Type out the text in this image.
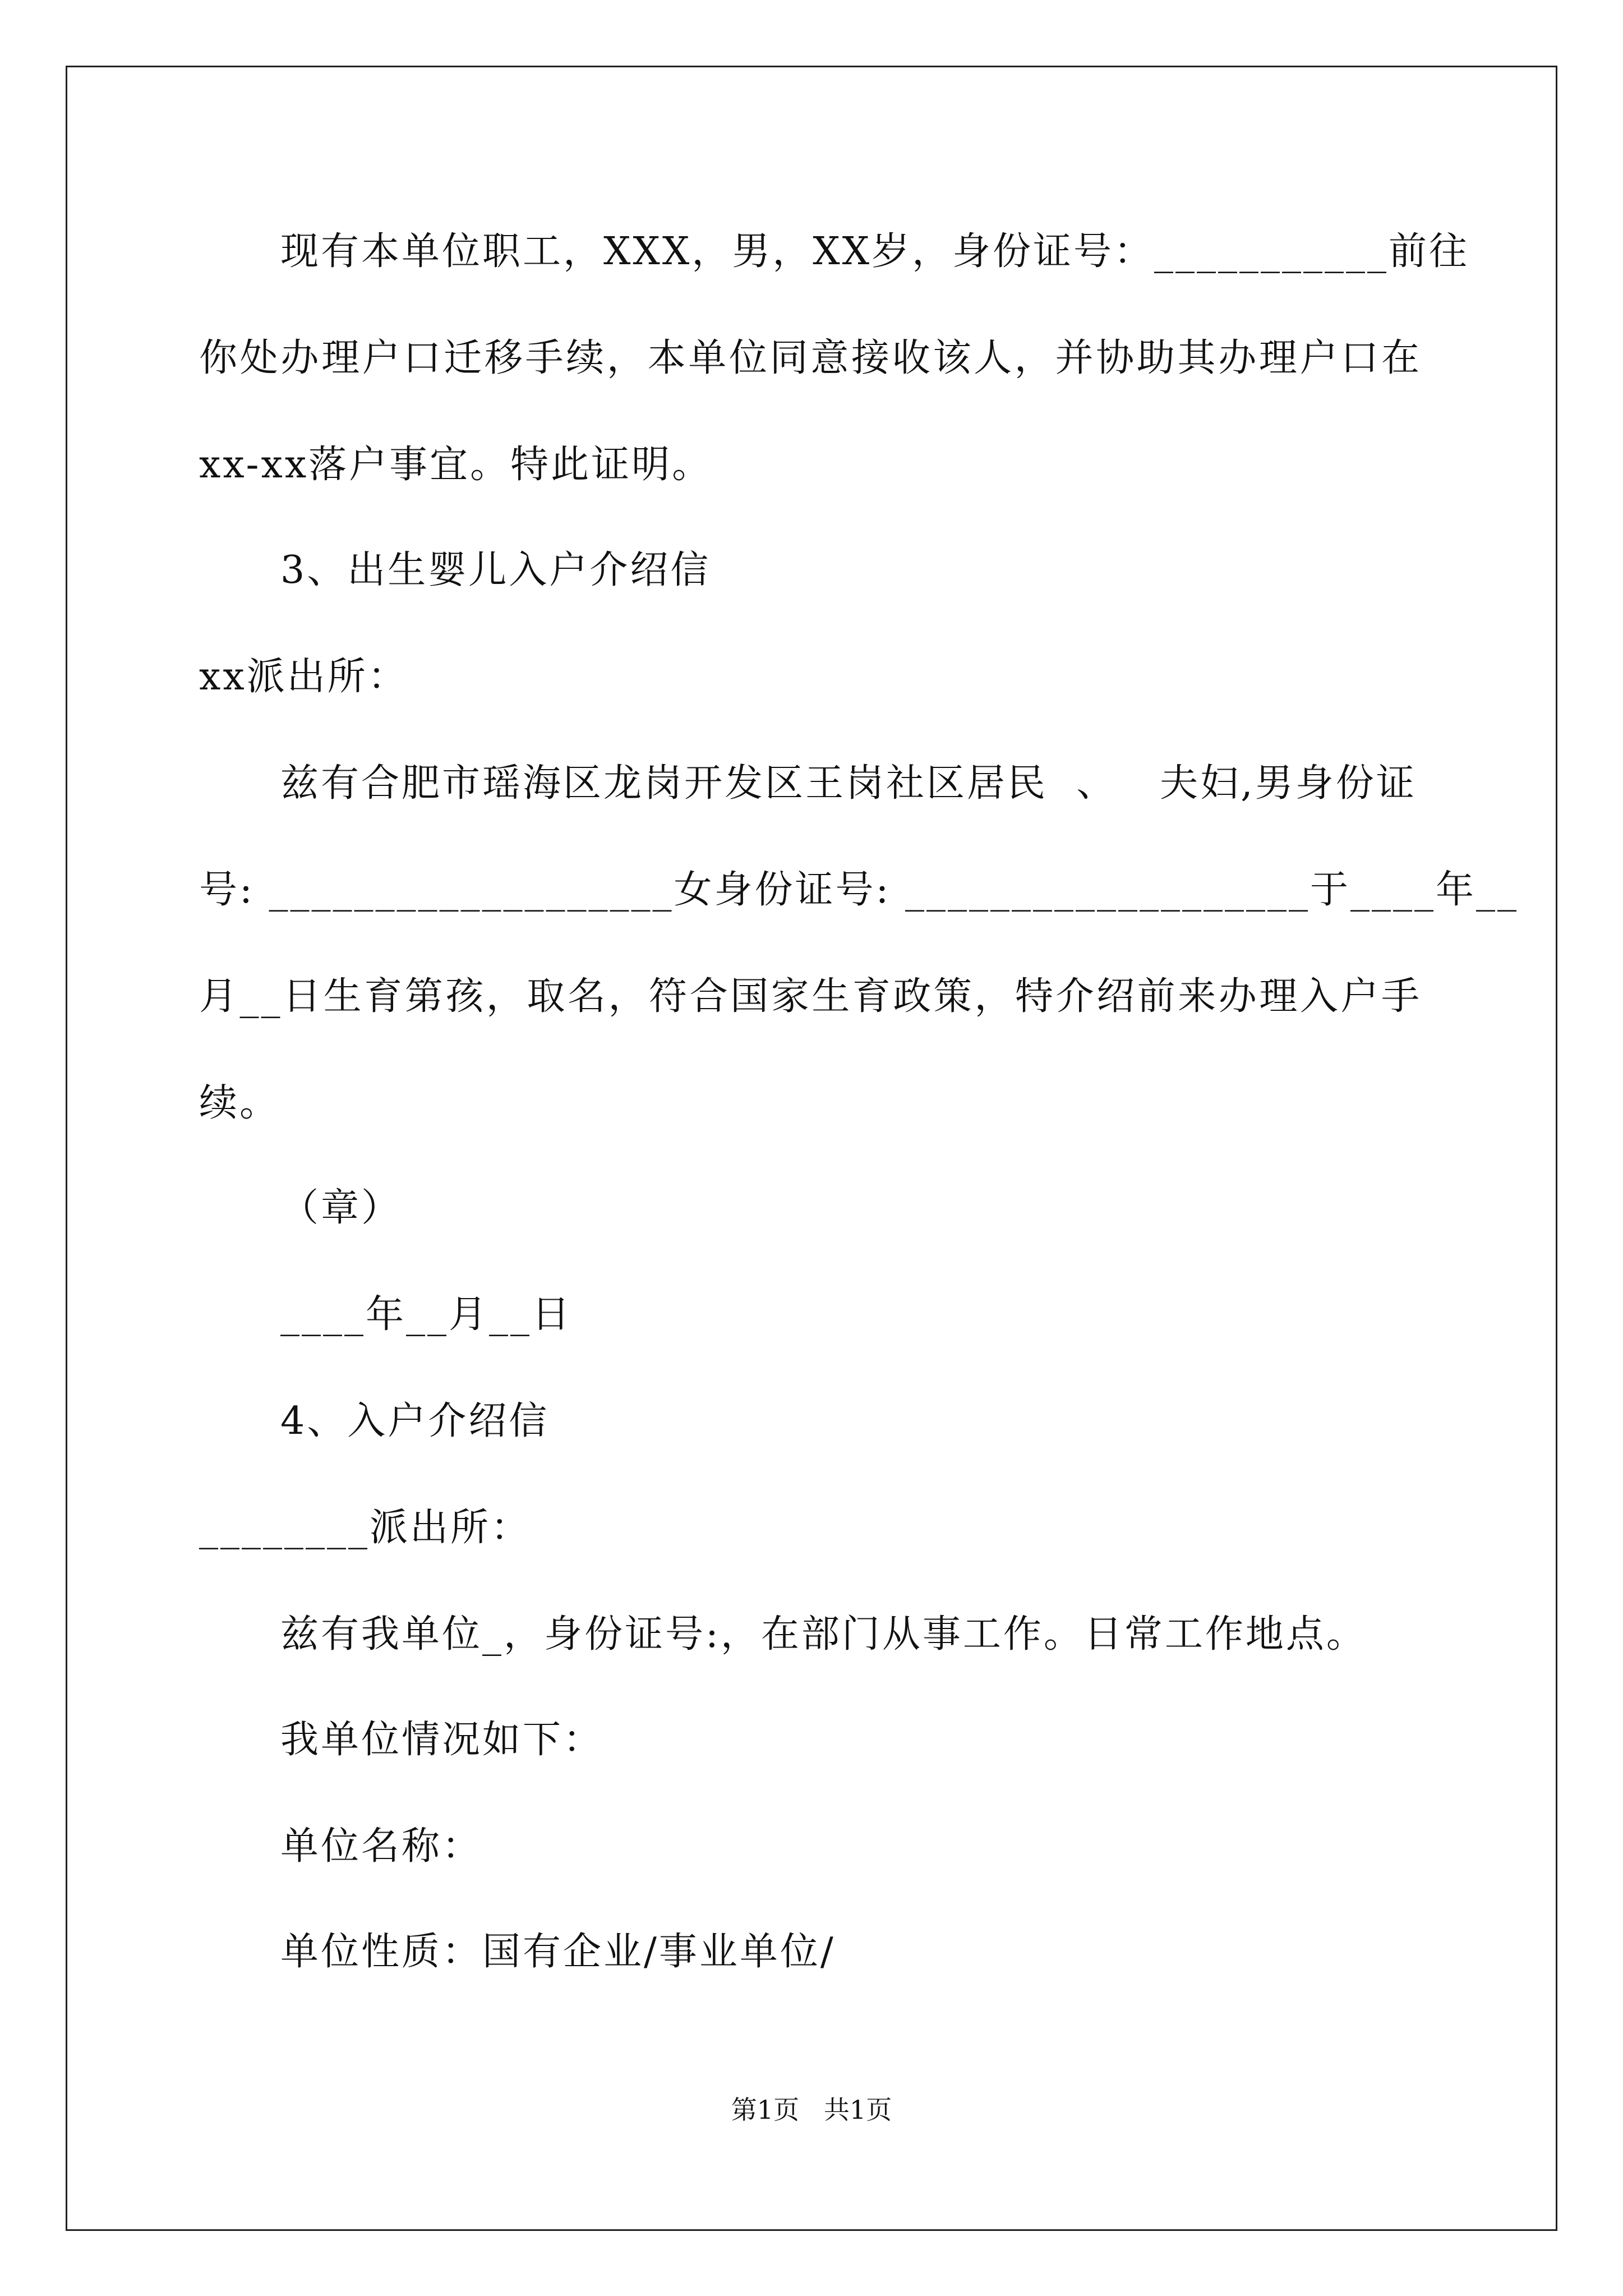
现有本单位职工，XXX，男，XX岁，身份证号：___________前往
你处办理户口迁移手续，本单位同意接收该人，并协助其办理户口在
xx-xx落户事宜。特此证明。
3、出生婴儿入户介绍信
xx派出所：
兹有合肥市瑶海区龙岗开发区王岗社区居民  、   夫妇,男身份证
号: ___________________女身份证号: ___________________于____年__
月__日生育第孩，取名，符合国家生育政策，特介绍前来办理入户手
续。
（章）
____年__月__日
4、入户介绍信
________派出所：
兹有我单位_，身份证号:，在部门从事工作。日常工作地点。
我单位情况如下：
单位名称：
单位性质：国有企业/事业单位/
第1页   共1页
